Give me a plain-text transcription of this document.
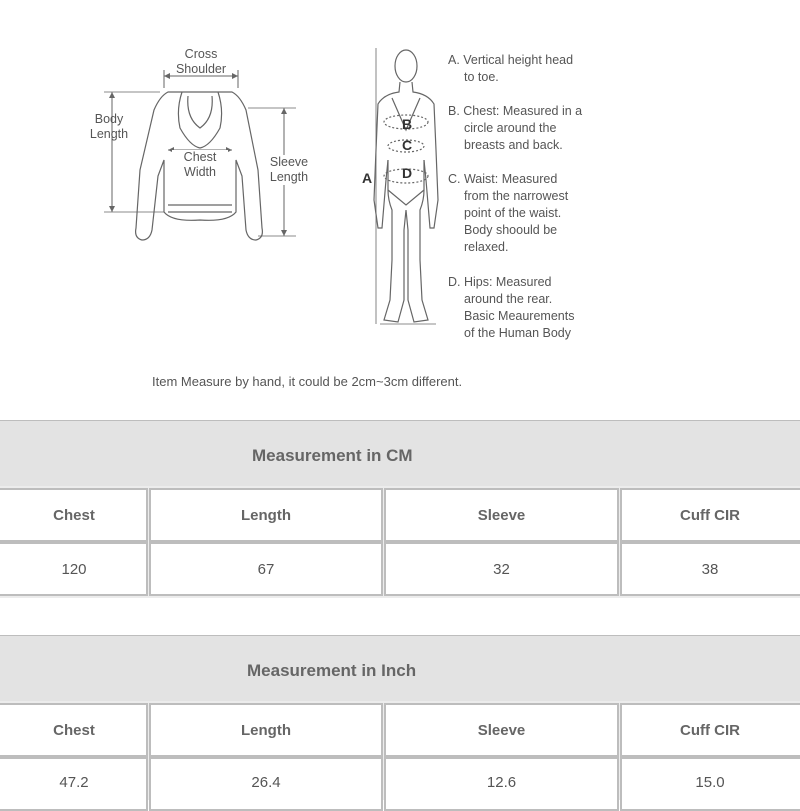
Cross
Shoulder
Body
Length
Chest
Width
Sleeve
Length	A
B
C
D
A. Vertical height head
to toe.
B. Chest: Measured in a
circle around the
breasts and back.
C. Waist: Measured
from the narrowest
point of the waist.
Body shoould be
relaxed.
D. Hips: Measured
around the rear.
Basic Meaurements
of the Human Body
Item Measure by hand, it could be 2cm~3cm different.
Measurement in CM
Chest	Length	Sleeve	Cuff CIR
120	67	32	38
Measurement in Inch
Chest	Length	Sleeve	Cuff CIR
47.2	26.4	12.6	15.0
